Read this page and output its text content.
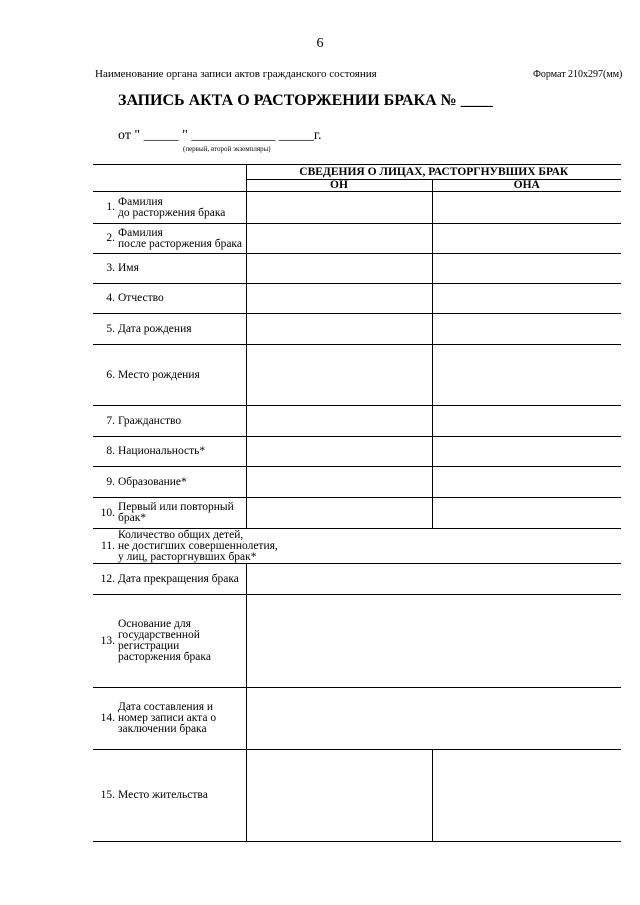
6
Наименование органа записи актов гражданского состояния	Формат 210х297(мм)
ЗАПИСЬ АКТА О РАСТОРЖЕНИИ БРАКА № ____
от " _____ " ____________ _____г.
(первый, второй экземпляры)
	СВЕДЕНИЯ О ЛИЦАХ, РАСТОРГНУВШИХ БРАК	
	ОН	ОНА

1. Фамилия
до расторжения брака		

2. Фамилия
после расторжения брака		

3. Имя		

4. Отчество		

5. Дата рождения		

6. Место рождения		

7. Гражданство		

8. Национальность*		

9. Образование*		

10. Первый или повторный
брак*		

11.
Количество общих детей,
не достигших совершеннолетия,
у лиц, расторгнувших брак*		

12. Дата прекращения брака		

13.
Основание для
государственной
регистрации
расторжения брака		

14.
Дата составления и
номер записи акта о
заключении брака		

15. Место жительства		
